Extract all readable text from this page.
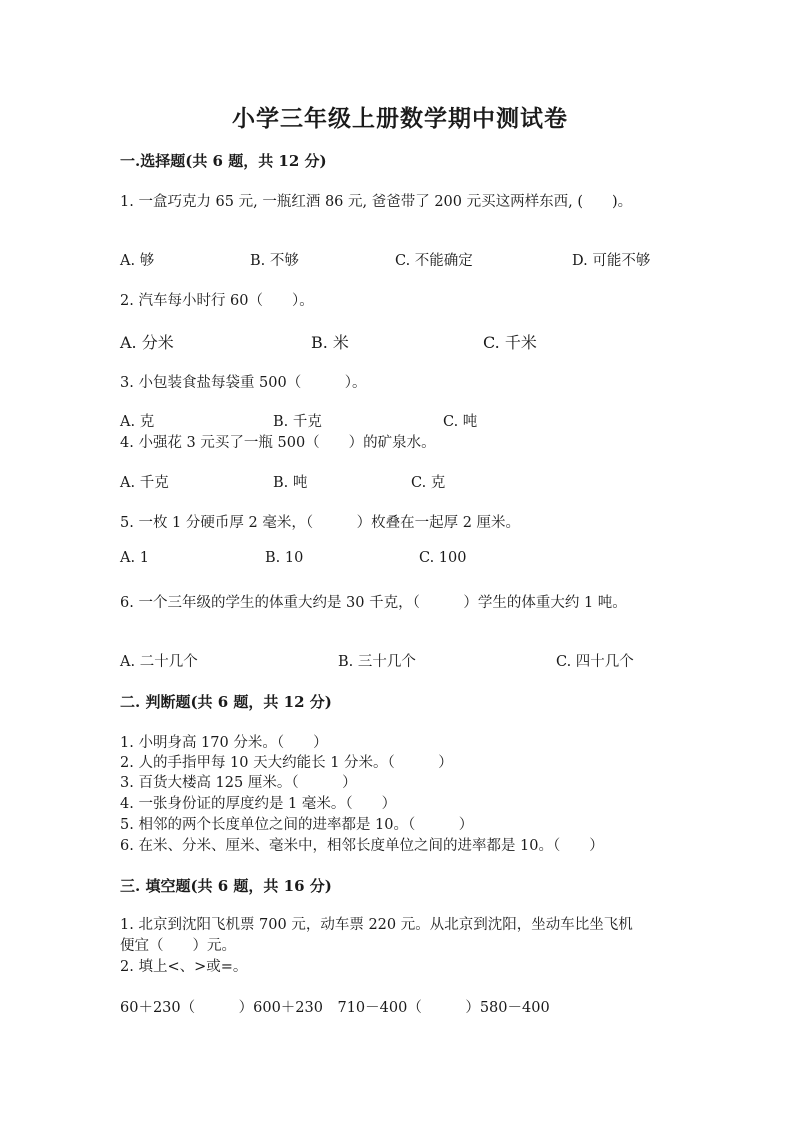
小学三年级上册数学期中测试卷
一.选择题(共 6 题，共 12 分)
1. 一盒巧克力 65 元, 一瓶红酒 86 元, 爸爸带了 200 元买这两样东西, (　　)。
A. 够	B. 不够	C. 不能确定	D. 可能不够
2. 汽车每小时行 60（　　）。
A. 分米	B. 米	C. 千米
3. 小包装食盐每袋重 500（　　　）。
A. 克	B. 千克	C. 吨
4. 小强花 3 元买了一瓶 500（　　）的矿泉水。
A. 千克	B. 吨	C. 克
5. 一枚 1 分硬币厚 2 毫米，（　　　）枚叠在一起厚 2 厘米。
A. 1	B. 10	C. 100
6. 一个三年级的学生的体重大约是 30 千克，（　　　）学生的体重大约 1 吨。
A. 二十几个	B. 三十几个	C. 四十几个
二. 判断题(共 6 题，共 12 分)
1. 小明身高 170 分米。（　　）
2. 人的手指甲每 10 天大约能长 1 分米。（　　　）
3. 百货大楼高 125 厘米。（　　　）
4. 一张身份证的厚度约是 1 毫米。（　　）
5. 相邻的两个长度单位之间的进率都是 10。（　　　）
6. 在米、分米、厘米、毫米中，相邻长度单位之间的进率都是 10。（　　）
三. 填空题(共 6 题，共 16 分)
1. 北京到沈阳飞机票 700 元，动车票 220 元。从北京到沈阳，坐动车比坐飞机
便宜（　　）元。
2. 填上<、>或=。
60＋230（　　　）600＋230　710－400（　　　）580－400
